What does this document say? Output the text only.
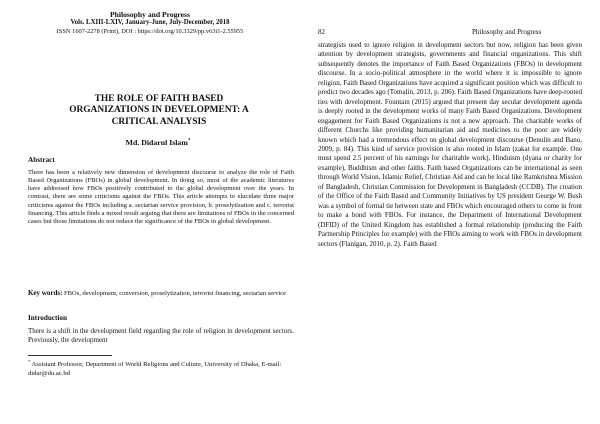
Philosophy and Progress

Vols. LXIII-LXIV, January-June, July-December, 2018

ISSN 1607-2278 (Print), DOI : https://doi.org/10.3329/pp.v63i1-2.55955

THE ROLE OF FAITH BASED ORGANIZATIONS IN DEVELOPMENT: A CRITICAL ANALYSIS

Md. Didarul Islam*

Abstract

There has been a relatively new dimension of development discourse to analyze the role of Faith Based Organizations (FBOs) in global development. In doing so, most of the academic literatures have addressed how FBOs positively contributed to the global development over the years. In contrast, there are some criticisms against the FBOs. This article attempts to elucidate three major criticisms against the FBOs including a. sectarian service provision, b. proselytization and c. terrorist financing. This article finds a mixed result arguing that there are limitations of FBOs in the concerned cases but those limitations do not reduce the significance of the FBOs in global development.

Key words: FBOs, development, conversion, proselytization, terrorist financing, sectarian service

Introduction

There is a shift in the development field regarding the role of religion in development sectors. Previously, the development

* Assistant Professor, Department of World Religions and Culture, University of Dhaka, E-mail: didar@du.ac.bd

82	Philosophy and Progress

strategists used to ignore religion in development sectors but now, religion has been given attention by development strategists, governments and financial organizations. This shift subsequently denotes the importance of Faith Based Organizations (FBOs) in development discourse. In a socio-political atmosphere in the world where it is impossible to ignore religion, Faith Based Organizations have acquired a significant position which was difficult to predict two decades ago (Tomalin, 2013, p. 206). Faith Based Organizations have deep-rooted ties with development. Fountain (2015) argued that present day secular development agenda is deeply rooted in the development works of many Faith Based Organizations. Development engagement for Faith Based Organizations is not a new approach. The charitable works of different Churchs like providing humanitarian aid and medicines to the poor are widely known which had a tremendous effect on global development discourse (Denulin and Bano, 2009, p. 84). This kind of service provision is also rooted in Islam (zakat for example. One must spend 2.5 percent of his earnings for charitable work), Hinduism (dyana or charity for example), Buddhism and other faiths. Faith based Organizations can be international as seen through World Vision, Islamic Relief, Christian Aid and can be local like Ramkrishna Mission of Bangladesh, Christian Commission for Development in Bangladesh (CCDB). The creation of the Office of the Faith Based and Community Initiatives by US president George W. Bush was a symbol of formal tie between state and FBOs which encouraged others to come in front to make a bond with FBOs. For instance, the Department of International Development (DFID) of the United Kingdom has established a formal relationship (producing the Faith Partnership Principles for example) with the FBOs aiming to work with FBOs in development sectors (Flanigan, 2010, p. 2). Faith Based
